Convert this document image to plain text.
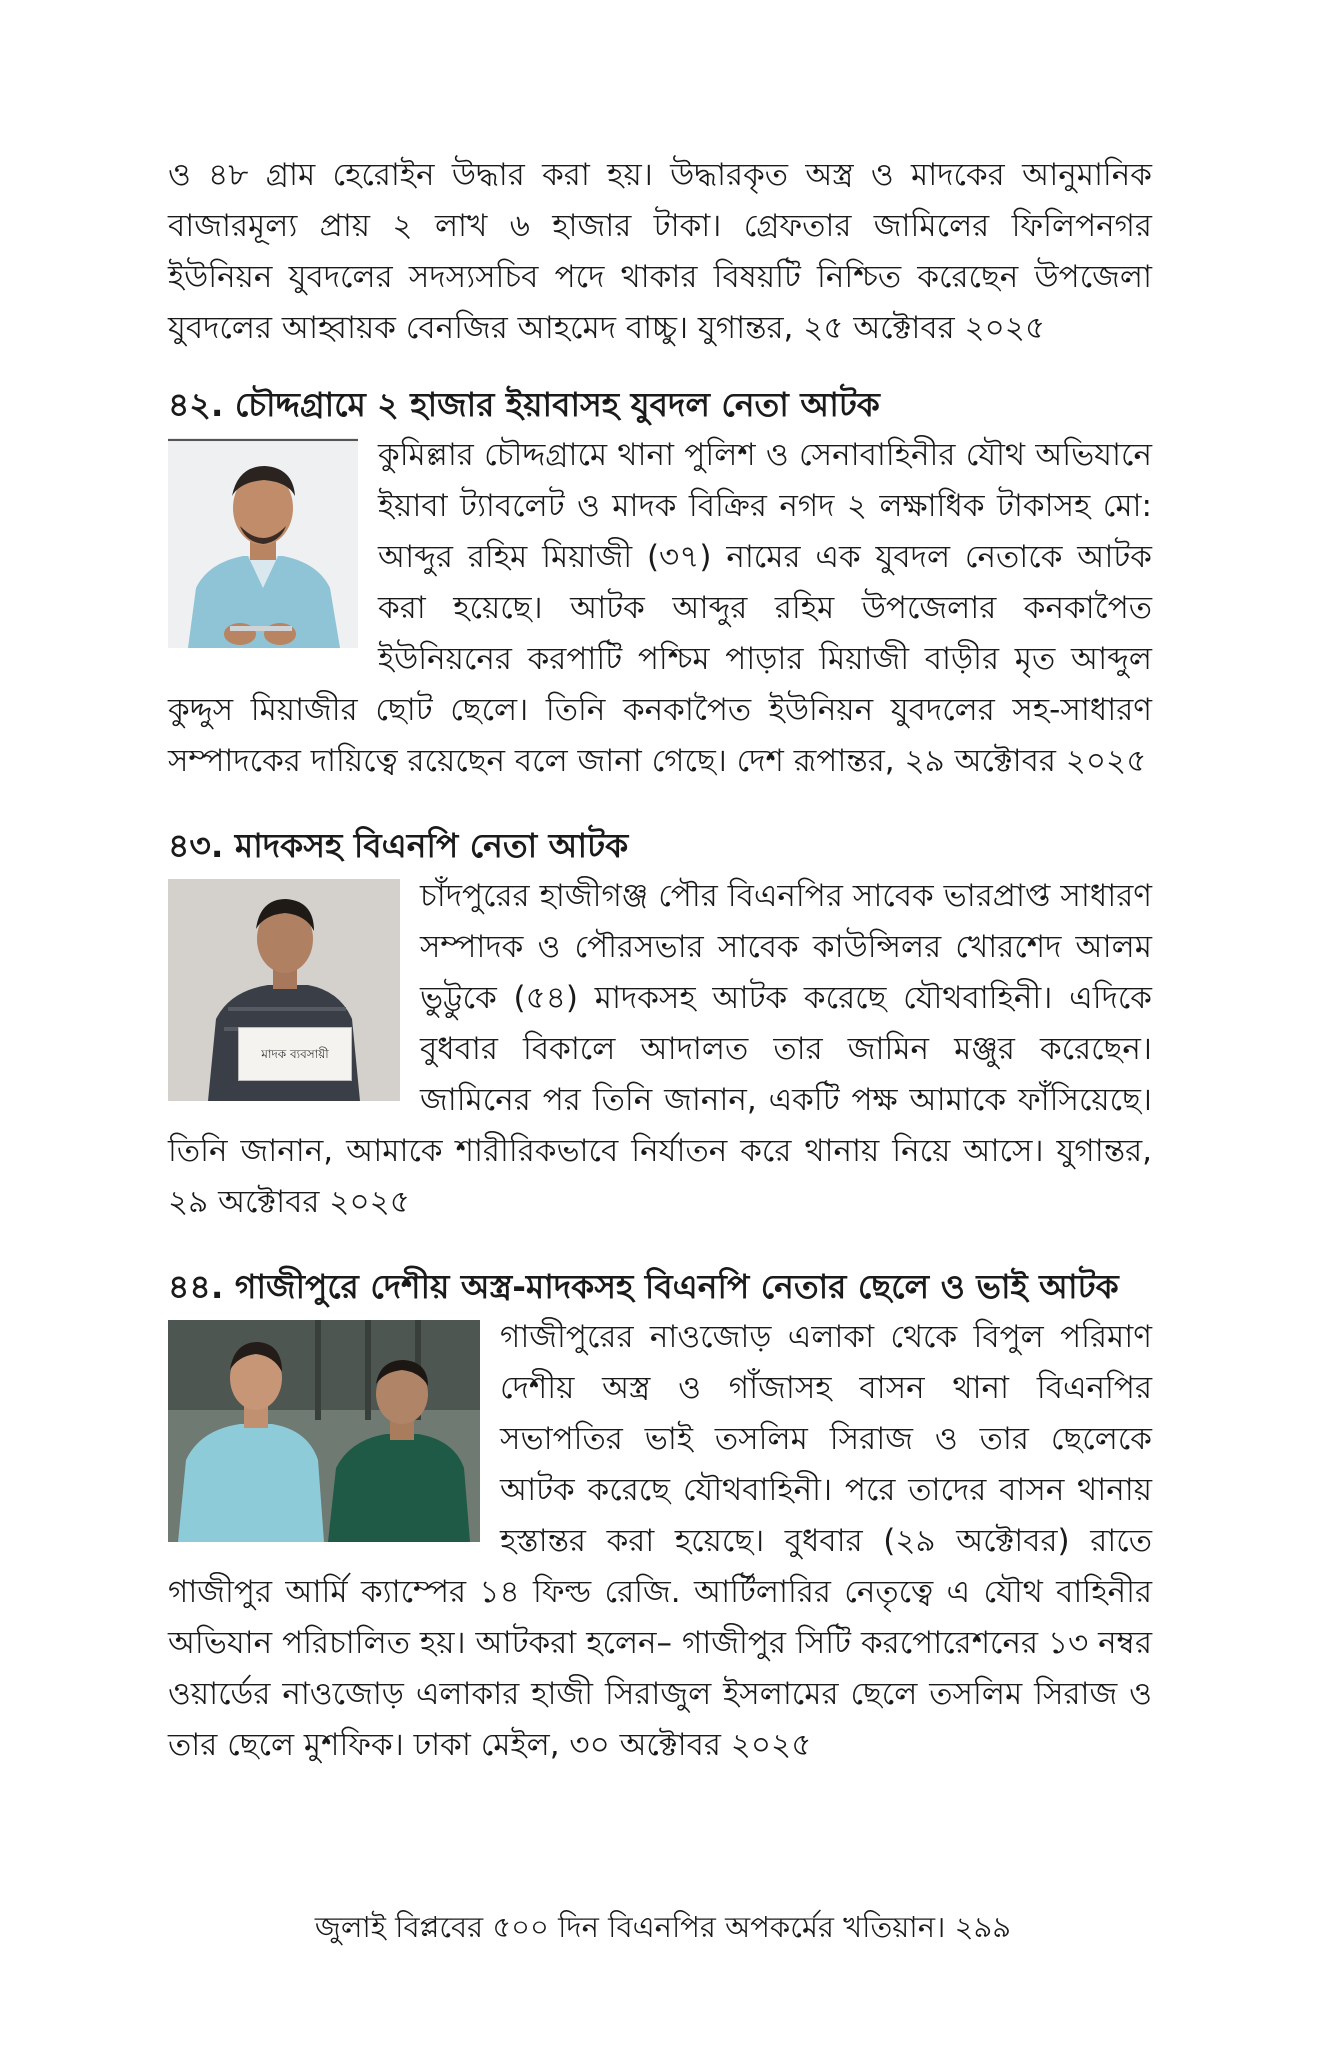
ও ৪৮ গ্রাম হেরোইন উদ্ধার করা হয়। উদ্ধারকৃত অস্ত্র ও মাদকের আনুমানিক বাজারমূল্য প্রায় ২ লাখ ৬ হাজার টাকা। গ্রেফতার জামিলের ফিলিপনগর ইউনিয়ন যুবদলের সদস্যসচিব পদে থাকার বিষয়টি নিশ্চিত করেছেন উপজেলা যুবদলের আহ্বায়ক বেনজির আহমেদ বাচ্চু। যুগান্তর, ২৫ অক্টোবর ২০২৫

৪২. চৌদ্দগ্রামে ২ হাজার ইয়াবাসহ যুবদল নেতা আটক

কুমিল্লার চৌদ্দগ্রামে থানা পুলিশ ও সেনাবাহিনীর যৌথ অভিযানে ইয়াবা ট্যাবলেট ও মাদক বিক্রির নগদ ২ লক্ষাধিক টাকাসহ মো: আব্দুর রহিম মিয়াজী (৩৭) নামের এক যুবদল নেতাকে আটক করা হয়েছে। আটক আব্দুর রহিম উপজেলার কনকাপৈত ইউনিয়নের করপাটি পশ্চিম পাড়ার মিয়াজী বাড়ীর মৃত আব্দুল কুদ্দুস মিয়াজীর ছোট ছেলে। তিনি কনকাপৈত ইউনিয়ন যুবদলের সহ-সাধারণ সম্পাদকের দায়িত্বে রয়েছেন বলে জানা গেছে। দেশ রূপান্তর, ২৯ অক্টোবর ২০২৫

৪৩. মাদকসহ বিএনপি নেতা আটক
মাদক ব্যবসায়ী

চাঁদপুরের হাজীগঞ্জ পৌর বিএনপির সাবেক ভারপ্রাপ্ত সাধারণ সম্পাদক ও পৌরসভার সাবেক কাউন্সিলর খোরশেদ আলম ভুট্টুকে (৫৪) মাদকসহ আটক করেছে যৌথবাহিনী। এদিকে বুধবার বিকালে আদালত তার জামিন মঞ্জুর করেছেন। জামিনের পর তিনি জানান, একটি পক্ষ আমাকে ফাঁসিয়েছে। তিনি জানান, আমাকে শারীরিকভাবে নির্যাতন করে থানায় নিয়ে আসে। যুগান্তর, ২৯ অক্টোবর ২০২৫

৪৪. গাজীপুরে দেশীয় অস্ত্র-মাদকসহ বিএনপি নেতার ছেলে ও ভাই আটক

গাজীপুরের নাওজোড় এলাকা থেকে বিপুল পরিমাণ দেশীয় অস্ত্র ও গাঁজাসহ বাসন থানা বিএনপির সভাপতির ভাই তসলিম সিরাজ ও তার ছেলেকে আটক করেছে যৌথবাহিনী। পরে তাদের বাসন থানায় হস্তান্তর করা হয়েছে। বুধবার (২৯ অক্টোবর) রাতে গাজীপুর আর্মি ক্যাম্পের ১৪ ফিল্ড রেজি. আর্টিলারির নেতৃত্বে এ যৌথ বাহিনীর অভিযান পরিচালিত হয়। আটকরা হলেন– গাজীপুর সিটি করপোরেশনের ১৩ নম্বর ওয়ার্ডের নাওজোড় এলাকার হাজী সিরাজুল ইসলামের ছেলে তসলিম সিরাজ ও তার ছেলে মুশফিক। ঢাকা মেইল, ৩০ অক্টোবর ২০২৫

জুলাই বিপ্লবের ৫০০ দিন বিএনপির অপকর্মের খতিয়ান। ২৯৯
